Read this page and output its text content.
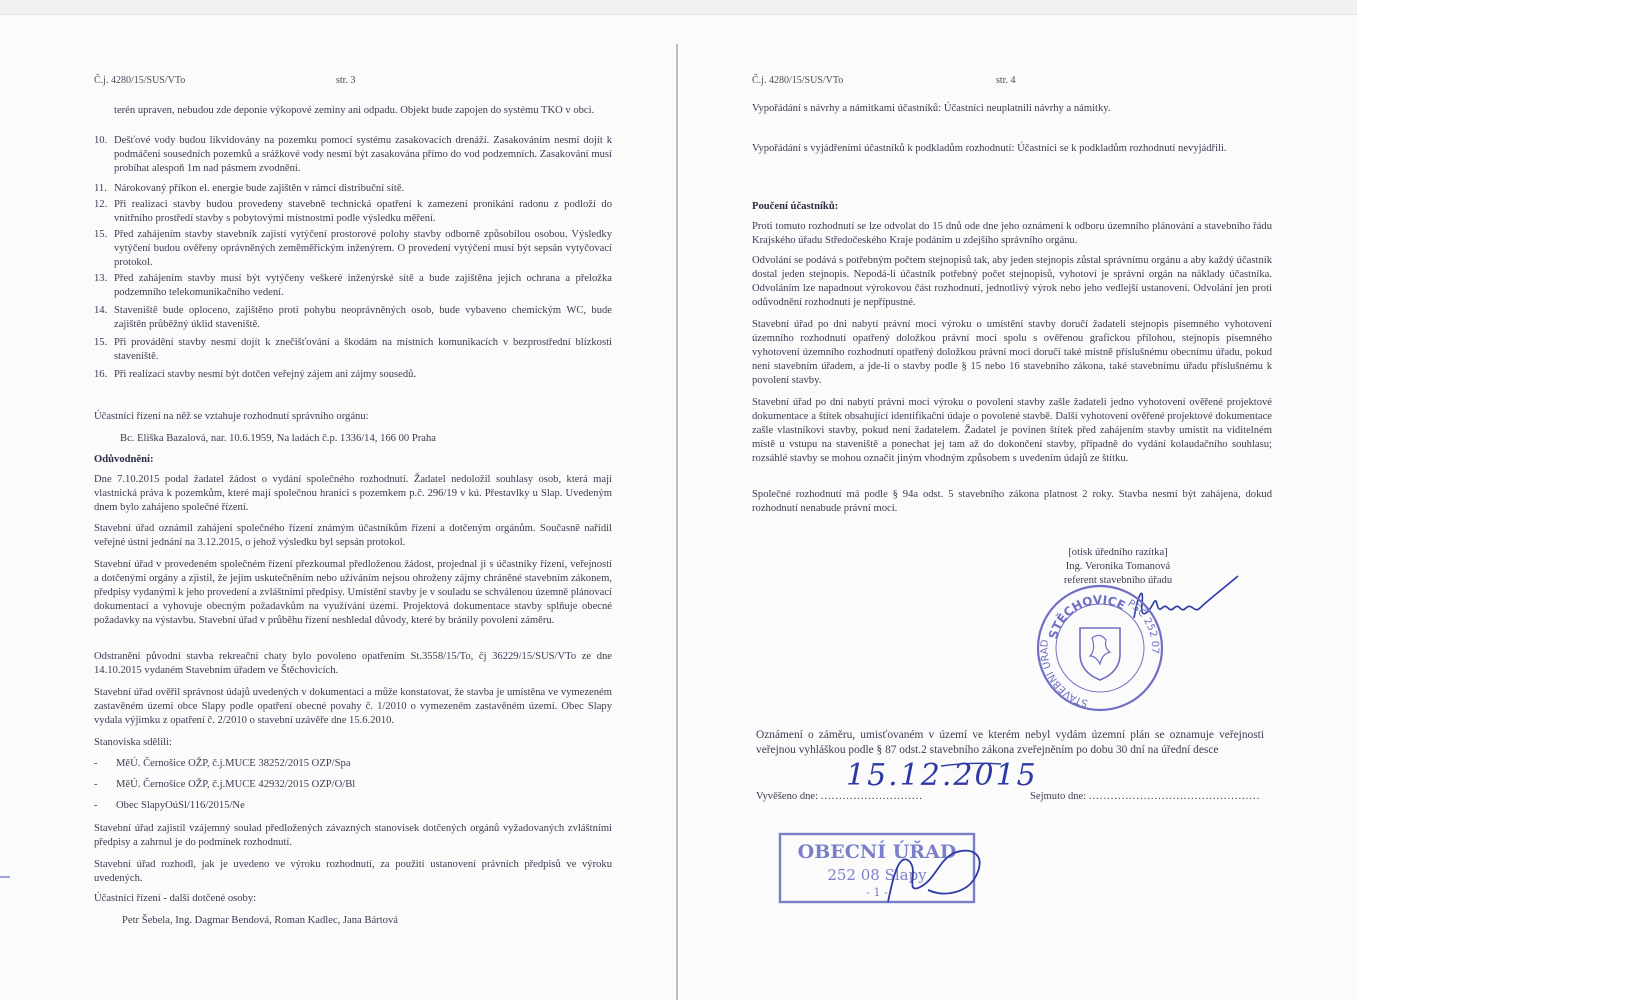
Č.j. 4280/15/SUS/VTo	str. 3
terén upraven, nebudou zde deponie výkopové zeminy ani odpadu. Objekt bude zapojen do systému TKO v obci.
10. Dešťové vody budou likvidovány na pozemku pomocí systému zasakovacích drenáží. Zasakováním nesmí dojít k podmáčení sousedních pozemků a srážkové vody nesmí být zasakována přímo do vod podzemních. Zasakování musí probíhat alespoň 1m nad pásmem zvodnění.
11. Nárokovaný příkon el. energie bude zajištěn v rámci distribuční sítě.
12. Při realizaci stavby budou provedeny stavebně technická opatření k zamezení pronikání radonu z podloží do vnitřního prostředí stavby s pobytovými místnostmi podle výsledku měření.
15. Před zahájením stavby stavebník zajistí vytýčení prostorové polohy stavby odborně způsobilou osobou. Výsledky vytýčení budou ověřeny oprávněných zeměměřickým inženýrem. O provedení vytýčení musí být sepsán vytyčovací protokol.
13. Před zahájením stavby musí být vytýčeny veškeré inženýrské sítě a bude zajištěna jejich ochrana a přeložka podzemního telekomunikačního vedení.
14. Staveniště bude oploceno, zajištěno proti pohybu neoprávněných osob, bude vybaveno chemickým WC, bude zajištěn průběžný úklid staveniště.
15. Při provádění stavby nesmí dojít k znečišťování a škodám na místních komunikacích v bezprostřední blízkosti staveniště.
16. Při realizaci stavby nesmí být dotčen veřejný zájem ani zájmy sousedů.
Účastníci řízení na něž se vztahuje rozhodnutí správního orgánu:
Bc. Eliška Bazalová, nar. 10.6.1959, Na ladách č.p. 1336/14, 166 00 Praha
Odůvodnění:
Dne 7.10.2015 podal žadatel žádost o vydání společného rozhodnutí. Žadatel nedoložil souhlasy osob, která mají vlastnická práva k pozemkům, které mají společnou hranici s pozemkem p.č. 296/19 v kú. Přestavlky u Slap. Uvedeným dnem bylo zahájeno společné řízení.
Stavební úřad oznámil zahájení společného řízení známým účastníkům řízení a dotčeným orgánům. Současně nařídil veřejné ústní jednání na 3.12.2015, o jehož výsledku byl sepsán protokol.
Stavební úřad v provedeném společném řízení přezkoumal předloženou žádost, projednal ji s účastníky řízení, veřejností a dotčenými orgány a zjistil, že jejím uskutečněním nebo užíváním nejsou ohroženy zájmy chráněné stavebním zákonem, předpisy vydanými k jeho provedení a zvláštními předpisy. Umístění stavby je v souladu se schválenou územně plánovací dokumentací a vyhovuje obecným požadavkům na využívání území. Projektová dokumentace stavby splňuje obecné požadavky na výstavbu. Stavební úřad v průběhu řízení neshledal důvody, které by bránily povolení záměru.
Odstranění původní stavba rekreační chaty bylo povoleno opatřením St.3558/15/To, čj 36229/15/SUS/VTo ze dne 14.10.2015 vydaném Stavebním úřadem ve Štěchovicích.
Stavební úřad ověřil správnost údajů uvedených v dokumentaci a může konstatovat, že stavba je umístěna ve vymezeném zastavěném území obce Slapy podle opatření obecné povahy č. 1/2010 o vymezeném zastavěném území. Obec Slapy vydala výjimku z opatření č. 2/2010 o stavební uzávěře dne 15.6.2010.
Stanoviska sdělili:
- MěÚ. Černošice OŽP, č.j.MUCE 38252/2015 OZP/Spa
- MěÚ. Černošice OŽP, č.j.MUCE 42932/2015 OZP/O/Bl
- Obec SlapyOúSl/116/2015/Ne
Stavební úřad zajistil vzájemný soulad předložených závazných stanovisek dotčených orgánů vyžadovaných zvláštními předpisy a zahrnul je do podmínek rozhodnutí.
Stavební úřad rozhodl, jak je uvedeno ve výroku rozhodnutí, za použití ustanovení právních předpisů ve výroku uvedených.
Účastníci řízení - další dotčené osoby:
Petr Šebela, Ing. Dagmar Bendová, Roman Kadlec, Jana Bártová
Č.j. 4280/15/SUS/VTo	str. 4
Vypořádání s návrhy a námitkami účastníků: Účastníci neuplatnili návrhy a námitky.
Vypořádání s vyjádřeními účastníků k podkladům rozhodnutí: Účastníci se k podkladům rozhodnutí nevyjádřili.
Poučení účastníků:
Proti tomuto rozhodnutí se lze odvolat do 15 dnů ode dne jeho oznámení k odboru územního plánování a stavebního řádu Krajského úřadu Středočeského Kraje podáním u zdejšího správního orgánu.
Odvolání se podává s potřebným počtem stejnopisů tak, aby jeden stejnopis zůstal správnímu orgánu a aby každý účastník dostal jeden stejnopis. Nepodá-li účastník potřebný počet stejnopisů, vyhotoví je správní orgán na náklady účastníka. Odvoláním lze napadnout výrokovou část rozhodnutí, jednotlivý výrok nebo jeho vedlejší ustanovení. Odvolání jen proti odůvodnění rozhodnutí je nepřípustné.
Stavební úřad po dni nabytí právní moci výroku o umístění stavby doručí žadateli stejnopis písemného vyhotovení územního rozhodnutí opatřený doložkou právní moci spolu s ověřenou grafickou přílohou, stejnopis písemného vyhotovení územního rozhodnutí opatřený doložkou právní moci doručí také místně příslušnému obecnímu úřadu, pokud není stavebním úřadem, a jde-li o stavby podle § 15 nebo 16 stavebního zákona, také stavebnímu úřadu příslušnému k povolení stavby.
Stavební úřad po dni nabytí právní moci výroku o povolení stavby zašle žadateli jedno vyhotovení ověřené projektové dokumentace a štítek obsahující identifikační údaje o povolené stavbě. Další vyhotovení ověřené projektové dokumentace zašle vlastníkovi stavby, pokud není žadatelem. Žadatel je povinen štítek před zahájením stavby umístit na viditelném místě u vstupu na staveniště a ponechat jej tam až do dokončení stavby, případně do vydání kolaudačního souhlasu; rozsáhlé stavby se mohou označit jiným vhodným způsobem s uvedením údajů ze štítku.
Společné rozhodnutí má podle § 94a odst. 5 stavebního zákona platnost 2 roky. Stavba nesmí být zahájena, dokud rozhodnutí nenabude právní moci.
[otisk úředního razítka]
Ing. Veronika Tomanová
referent stavebního úřadu
Oznámení o záměru, umisťovaném v území ve kterém nebyl vydám územní plán se oznamuje veřejnosti veřejnou vyhláškou podle § 87 odst.2 stavebního zákona zveřejněním po dobu 30 dní na úřední desce
Vyvěšeno dne: ............................	Sejmuto dne: ...............................................
15.12.2015
STĚCHOVICE
PSČ 252 07
STAVEBNÍ ÚŘAD
OBECNÍ ÚŘAD
252 08 Slapy
- 1 -
